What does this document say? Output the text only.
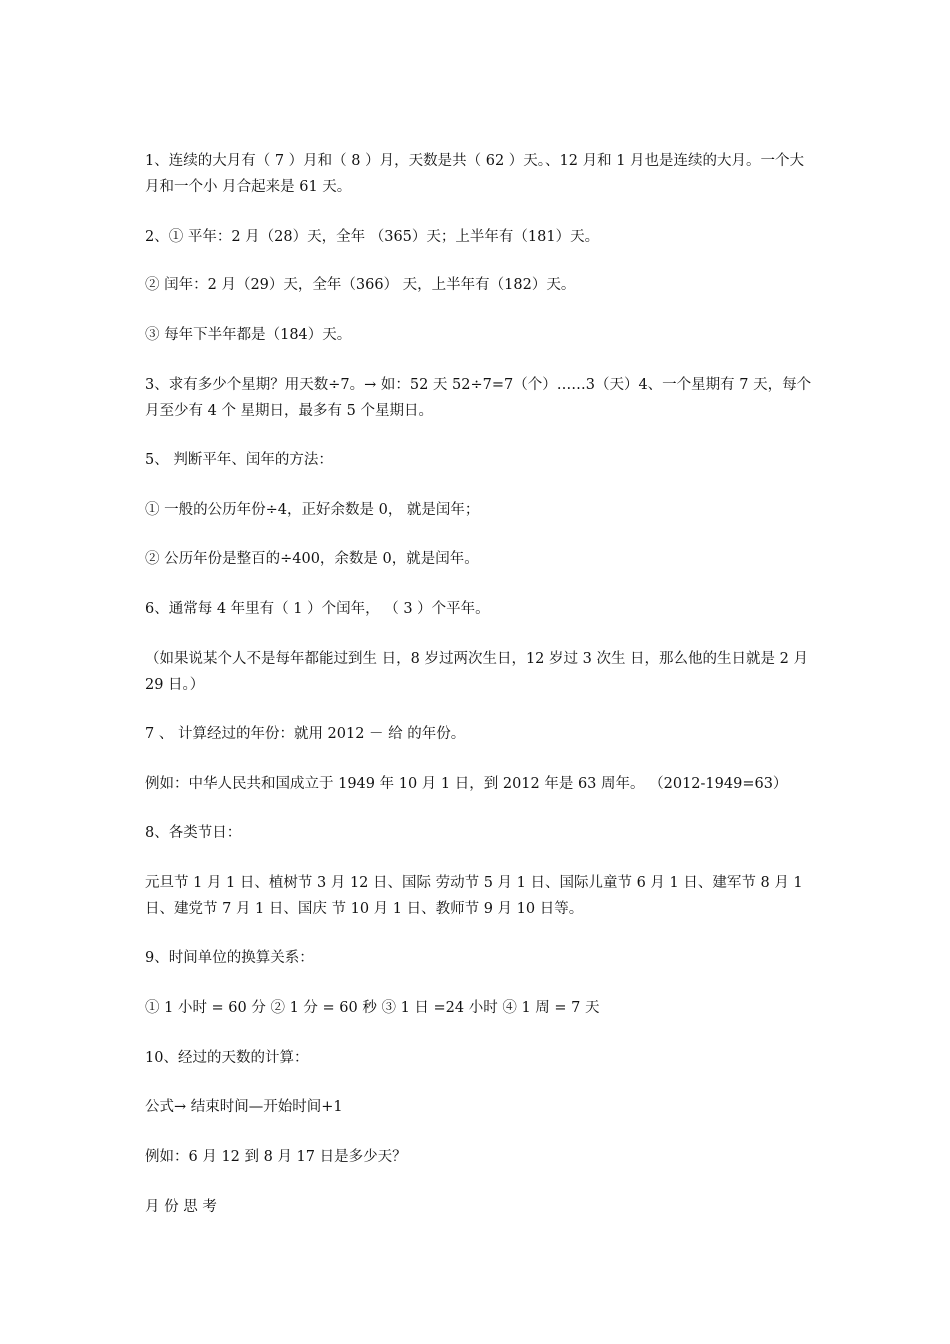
1、连续的大月有（ 7 ）月和（ 8 ）月，天数是共（ 62 ）天。、12 月和 1 月也是连续的大月。一个大月和一个小 月合起来是 61 天。
2、① 平年：2 月（28）天，全年 （365）天；上半年有（181）天。
② 闰年：2 月（29）天，全年（366） 天，上半年有（182）天。
③ 每年下半年都是（184）天。
3、求有多少个星期？用天数÷7。→ 如：52 天 52÷7=7（个）……3（天）4、一个星期有 7 天，每个月至少有 4 个 星期日，最多有 5 个星期日。
5、 判断平年、闰年的方法：
① 一般的公历年份÷4，正好余数是 0， 就是闰年；
② 公历年份是整百的÷400，余数是 0，就是闰年。
6、通常每 4 年里有（ 1 ）个闰年， （ 3 ）个平年。
（如果说某个人不是每年都能过到生 日，8 岁过两次生日，12 岁过 3 次生 日，那么他的生日就是 2 月 29 日。）
7 、 计算经过的年份：就用 2012 － 给 的年份。
例如：中华人民共和国成立于 1949 年 10 月 1 日，到 2012 年是 63 周年。 （2012-1949=63）
8、各类节日：
元旦节 1 月 1 日、植树节 3 月 12 日、国际 劳动节 5 月 1 日、国际儿童节 6 月 1 日、建军节 8 月 1 日、建党节 7 月 1 日、国庆 节 10 月 1 日、教师节 9 月 10 日等。
9、时间单位的换算关系：
① 1 小时 = 60 分 ② 1 分 = 60 秒 ③ 1 日 =24 小时 ④ 1 周 = 7 天
10、经过的天数的计算：
公式→ 结束时间—开始时间+1
例如：6 月 12 到 8 月 17 日是多少天？
月 份 思 考
